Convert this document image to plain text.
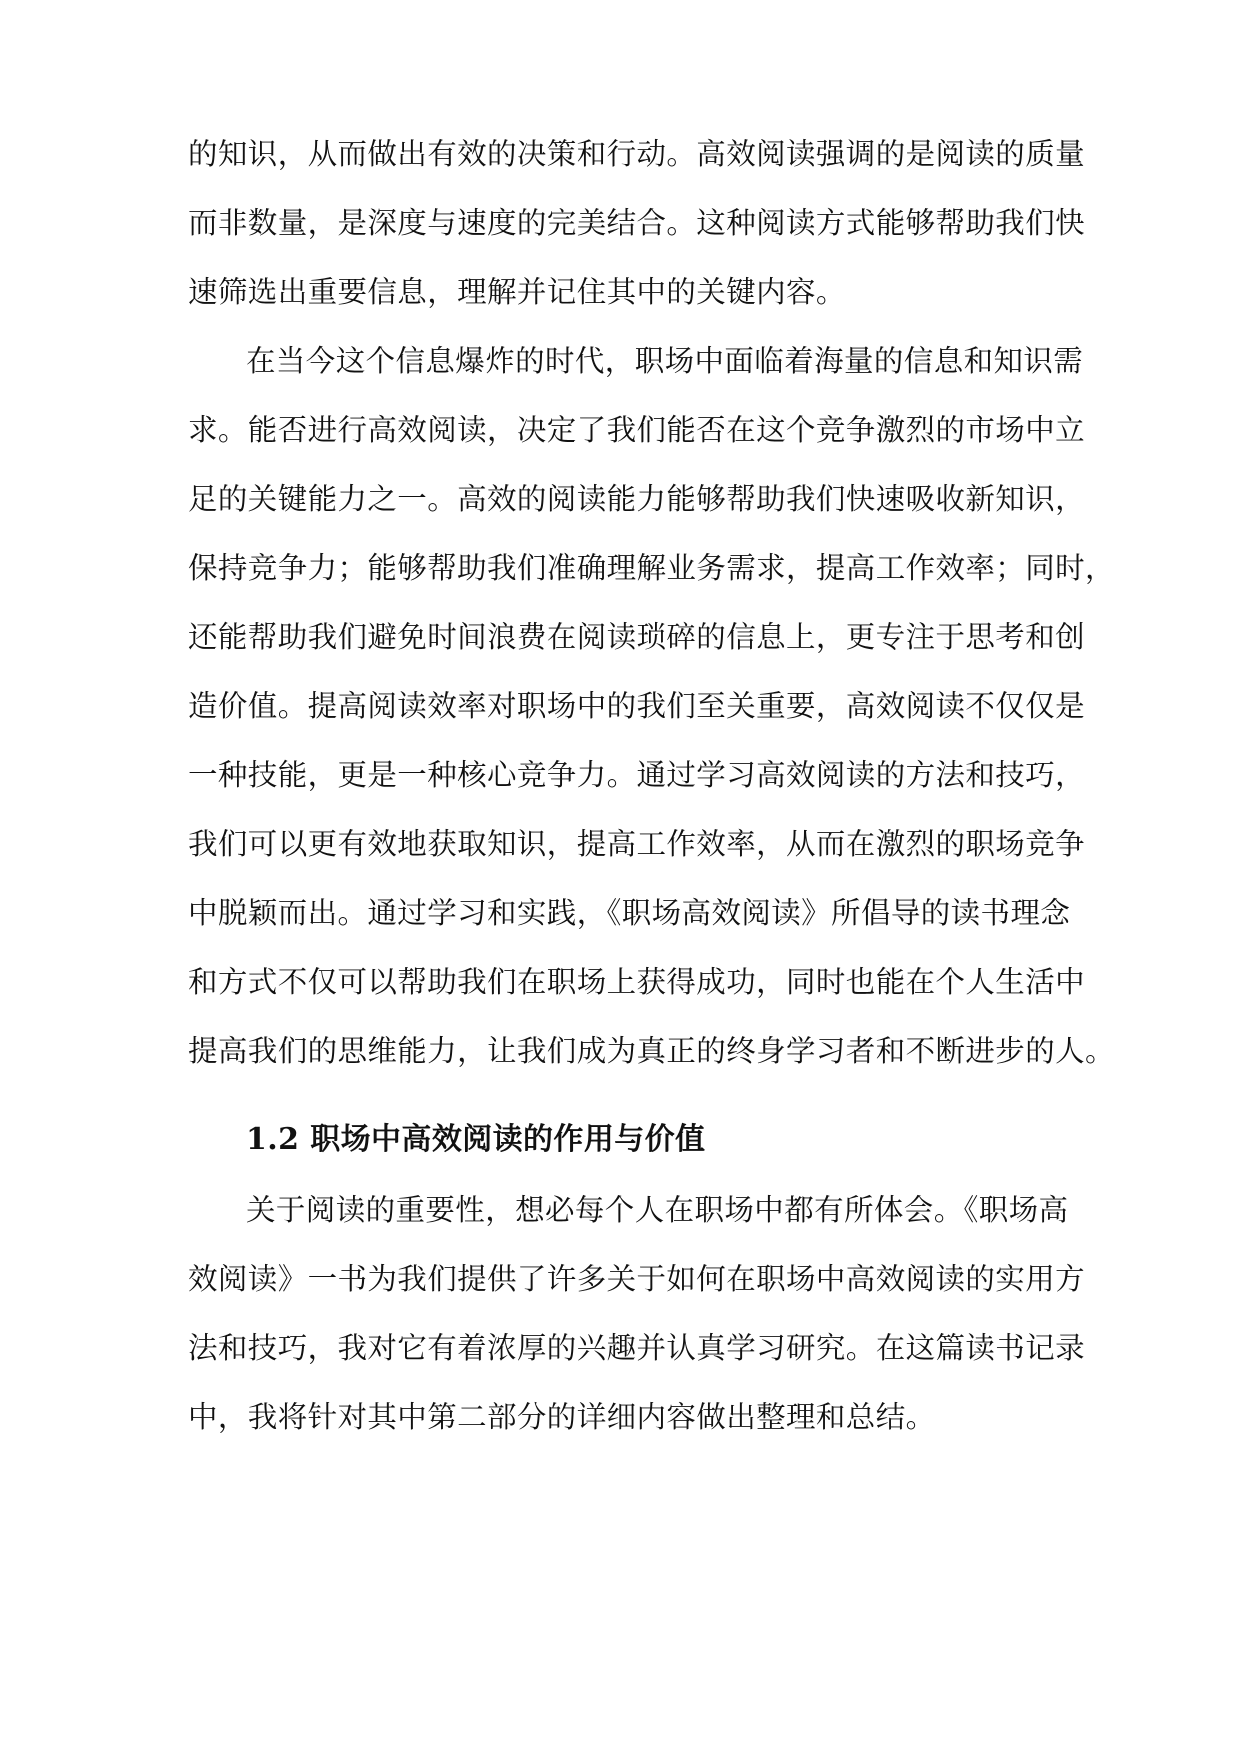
的知识，从而做出有效的决策和行动。高效阅读强调的是阅读的质量
而非数量，是深度与速度的完美结合。这种阅读方式能够帮助我们快
速筛选出重要信息，理解并记住其中的关键内容。
在当今这个信息爆炸的时代，职场中面临着海量的信息和知识需
求。能否进行高效阅读，决定了我们能否在这个竞争激烈的市场中立
足的关键能力之一。高效的阅读能力能够帮助我们快速吸收新知识，
保持竞争力；能够帮助我们准确理解业务需求，提高工作效率；同时，
还能帮助我们避免时间浪费在阅读琐碎的信息上，更专注于思考和创
造价值。提高阅读效率对职场中的我们至关重要，高效阅读不仅仅是
一种技能，更是一种核心竞争力。通过学习高效阅读的方法和技巧，
我们可以更有效地获取知识，提高工作效率，从而在激烈的职场竞争
中脱颖而出。通过学习和实践，《职场高效阅读》所倡导的读书理念
和方式不仅可以帮助我们在职场上获得成功，同时也能在个人生活中
提高我们的思维能力，让我们成为真正的终身学习者和不断进步的人。
1.2 职场中高效阅读的作用与价值
关于阅读的重要性，想必每个人在职场中都有所体会。《职场高
效阅读》一书为我们提供了许多关于如何在职场中高效阅读的实用方
法和技巧，我对它有着浓厚的兴趣并认真学习研究。在这篇读书记录
中，我将针对其中第二部分的详细内容做出整理和总结。
